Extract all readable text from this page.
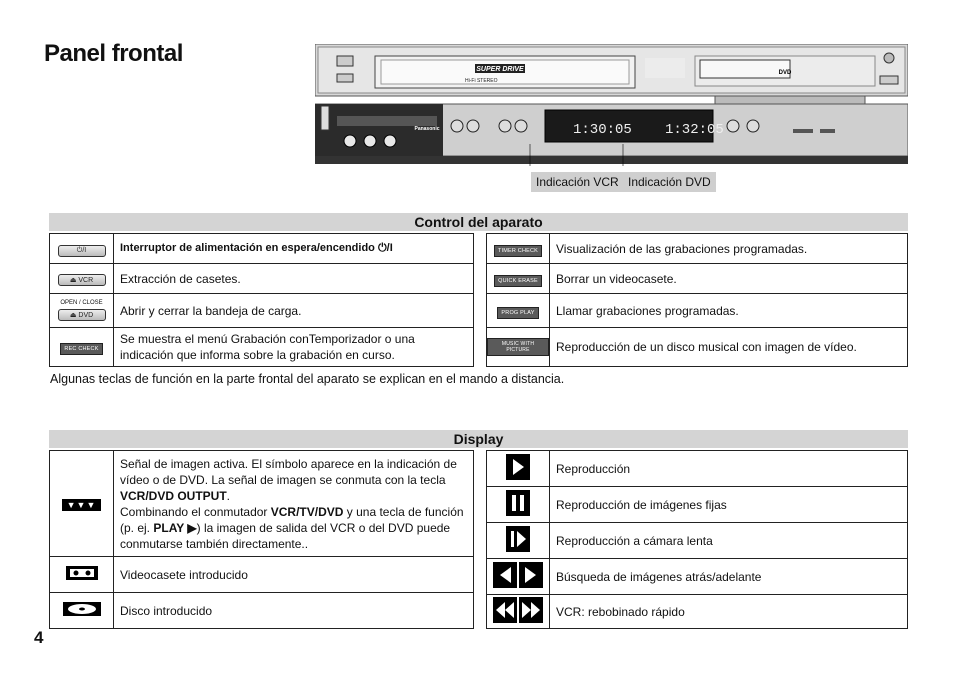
Panel frontal
SUPER DRIVE
Hi-Fi STEREO
DVD
Panasonic	1:30:05 1:32:05
Indicación VCR Indicación DVD
Control del aparato
⏻/I	Interruptor de alimentación en espera/encendido ⏻/I
⏏ VCR	Extracción de casetes.

OPEN / CLOSE
⏏ DVD	Abrir y cerrar la bandeja de carga.
REC CHECK	Se muestra el menú Grabación conTemporizador o una indicación que informa sobre la grabación en curso.
TIMER CHECK	Visualización de las grabaciones programadas.
QUICK ERASE	Borrar un videocasete.
PROG PLAY	Llamar grabaciones programadas.
MUSIC WITH PICTURE	Reproducción de un disco musical con imagen de vídeo.
Algunas teclas de función en la parte frontal del aparato se explican en el mando a distancia.
Display
▼▼▼	Señal de imagen activa. El símbolo aparece en la indicación de vídeo o de DVD. La señal de imagen se conmuta con la tecla VCR/DVD OUTPUT.
Combinando el conmutador VCR/TV/DVD y una tecla de función (p. ej. PLAY ▶) la imagen de salida del VCR o del DVD puede conmutarse también directamente..
	Videocasete introducido
	Disco introducido
	Reproducción
	Reproducción de imágenes fijas
	Reproducción a cámara lenta
	Búsqueda de imágenes atrás/adelante
	VCR: rebobinado rápido
4
